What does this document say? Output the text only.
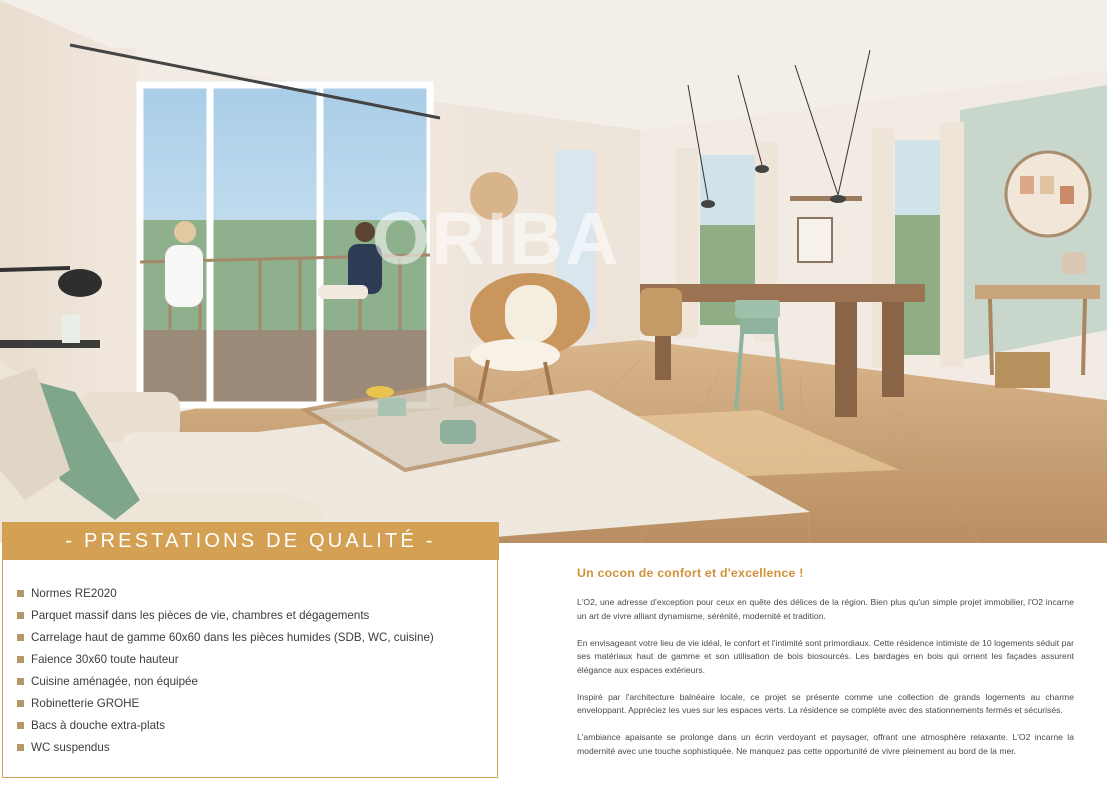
ORIBA
- PRESTATIONS DE QUALITÉ -
Normes RE2020
Parquet massif dans les pièces de vie, chambres et dégagements
Carrelage haut de gamme 60x60 dans les pièces humides (SDB, WC, cuisine)
Faience 30x60 toute hauteur
Cuisine aménagée, non équipée
Robinetterie GROHE
Bacs à douche extra-plats
WC suspendus
Un cocon de confort et d'excellence !

L'O2, une adresse d'exception pour ceux en quête des délices de la région. Bien plus qu'un simple projet immobilier, l'O2 incarne un art de vivre alliant dynamisme, sérénité, modernité et tradition.

En envisageant votre lieu de vie idéal, le confort et l'intimité sont primordiaux. Cette résidence intimiste de 10 logements séduit par ses matériaux haut de gamme et son utilisation de bois biosourcés. Les bardages en bois qui ornent les façades assurent élégance aux espaces extérieurs.

Inspiré par l'architecture balnéaire locale, ce projet se présente comme une collection de grands logements au charme enveloppant. Appréciez les vues sur les espaces verts. La résidence se complète avec des stationnements fermés et sécurisés.

L'ambiance apaisante se prolonge dans un écrin verdoyant et paysager, offrant une atmosphère relaxante. L'O2 incarne la modernité avec une touche sophistiquée. Ne manquez pas cette opportunité de vivre pleinement au bord de la mer.
